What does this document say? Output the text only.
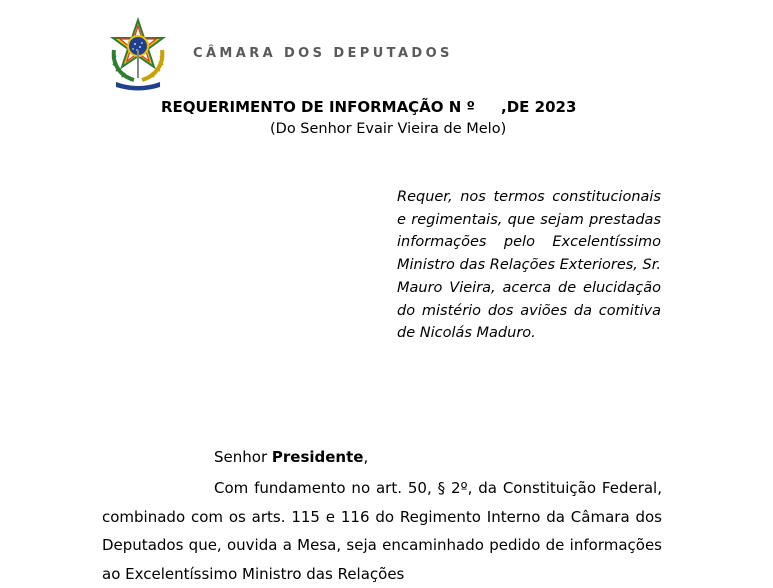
CÂMARA DOS DEPUTADOS
REQUERIMENTO DE INFORMAÇÃO N º ,DE 2023
(Do Senhor Evair Vieira de Melo)
Requer, nos termos constitucionais e regimentais, que sejam prestadas informações pelo Excelentíssimo Ministro das Relações Exteriores, Sr. Mauro Vieira, acerca de elucidação do mistério dos aviões da comitiva de Nicolás Maduro.
Senhor Presidente,
Com fundamento no art. 50, § 2º, da Constituição Federal, combinado com os arts. 115 e 116 do Regimento Interno da Câmara dos Deputados que, ouvida a Mesa, seja encaminhado pedido de informações ao Excelentíssimo Ministro das Relações
